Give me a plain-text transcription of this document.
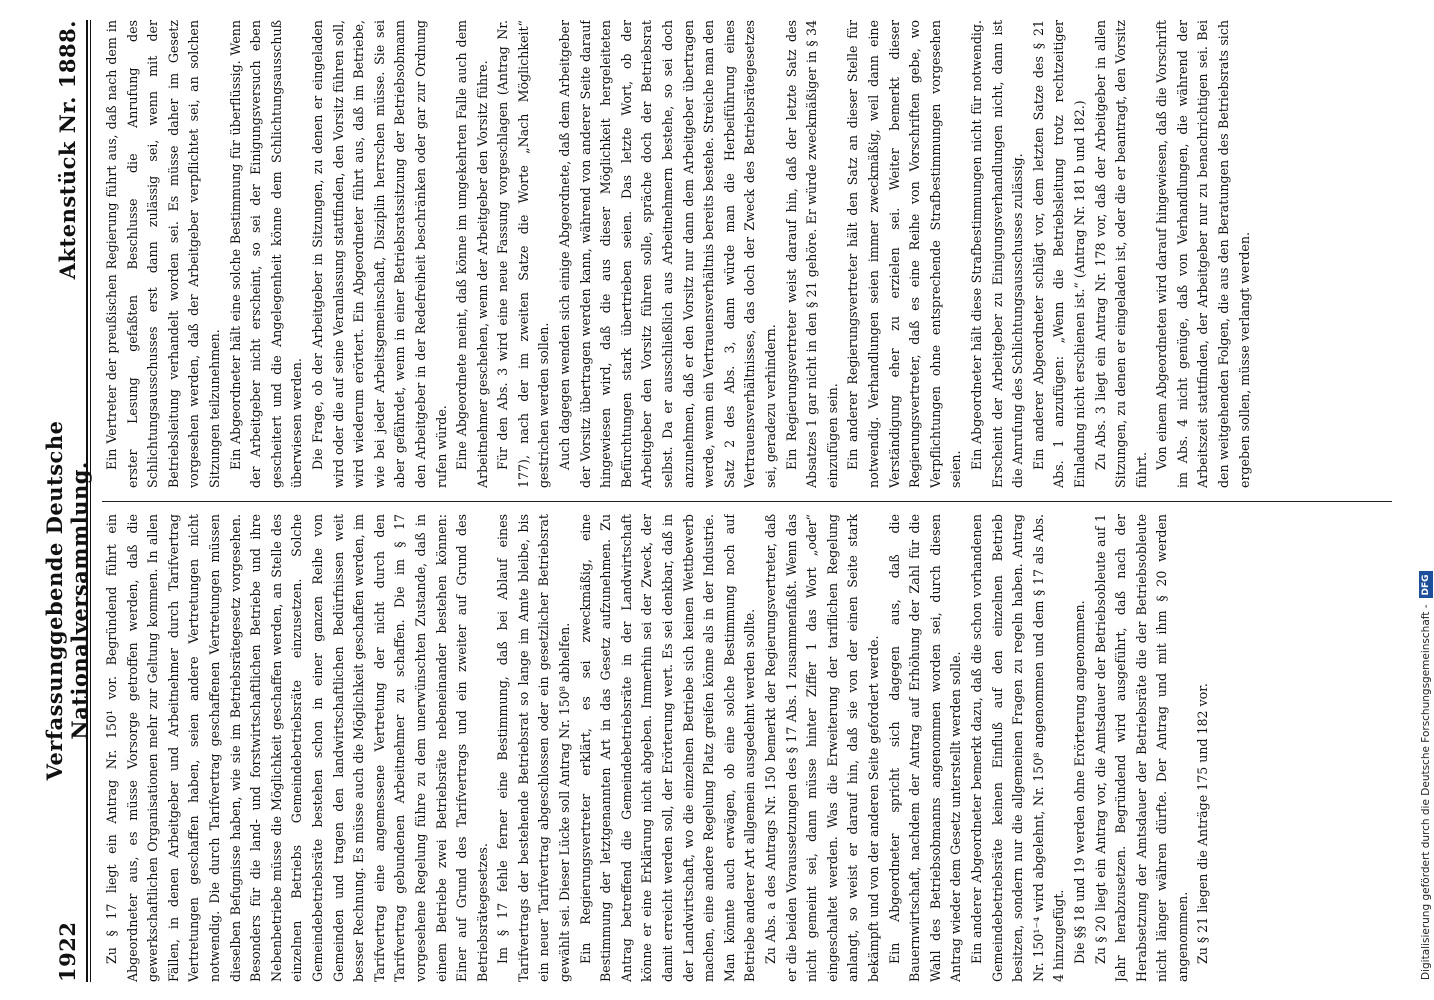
1922
Verfassunggebende Deutsche Nationalversammlung.
Aktenstück Nr. 1888.

Zu § 17 liegt ein Antrag Nr. 150¹ vor. Begründend führt ein Abgeordneter aus, es müsse Vorsorge getroffen werden, daß die gewerkschaftlichen Organisationen mehr zur Geltung kommen. In allen Fällen, in denen Arbeitgeber und Arbeitnehmer durch Tarifvertrag Vertretungen geschaffen haben, seien andere Vertretungen nicht notwendig. Die durch Tarifvertrag geschaffenen Vertretungen müssen dieselben Befugnisse haben, wie sie im Betriebsrätegesetz vorgesehen. Besonders für die land- und forstwirtschaftlichen Betriebe und ihre Nebenbetriebe müsse die Möglichkeit geschaffen werden, an Stelle des einzelnen Betriebs Gemeindebetriebsräte einzusetzen. Solche Gemeindebetriebsräte bestehen schon in einer ganzen Reihe von Gemeinden und tragen den landwirtschaftlichen Bedürfnissen weit besser Rechnung. Es müsse auch die Möglichkeit geschaffen werden, im Tarifvertrag eine angemessene Vertretung der nicht durch den Tarifvertrag gebundenen Arbeitnehmer zu schaffen. Die im § 17 vorgesehene Regelung führe zu dem unerwünschten Zustande, daß in einem Betriebe zwei Betriebsräte nebeneinander bestehen können: Einer auf Grund des Tarifvertrags und ein zweiter auf Grund des Betriebsrätegesetzes. Im § 17 fehle ferner eine Bestimmung, daß bei Ablauf eines Tarifvertrags der bestehende Betriebsrat so lange im Amte bleibe, bis ein neuer Tarifvertrag abgeschlossen oder ein gesetzlicher Betriebsrat gewählt sei. Dieser Lücke soll Antrag Nr. 150⁸ abhelfen. Ein Regierungsvertreter erklärt, es sei zweckmäßig, eine Bestimmung der letztgenannten Art in das Gesetz aufzunehmen. Zu Antrag betreffend die Gemeindebetriebsräte in der Landwirtschaft könne er eine Erklärung nicht abgeben. Immerhin sei der Zweck, der damit erreicht werden soll, der Erörterung wert. Es sei denkbar, daß in der Landwirtschaft, wo die einzelnen Betriebe sich keinen Wettbewerb machen, eine andere Regelung Platz greifen könne als in der Industrie. Man könnte auch erwägen, ob eine solche Bestimmung noch auf Betriebe anderer Art allgemein ausgedehnt werden sollte. Zu Abs. a des Antrags Nr. 150 bemerkt der Regierungsvertreter, daß er die beiden Voraussetzungen des § 17 Abs. 1 zusammenfaßt. Wenn das nicht gemeint sei, dann müsse hinter Ziffer 1 das Wort „oder“ eingeschaltet werden. Was die Erweiterung der tariflichen Regelung anlangt, so weist er darauf hin, daß sie von der einen Seite stark bekämpft und von der anderen Seite gefordert werde. Ein Abgeordneter spricht sich dagegen aus, daß die Bauernwirtschaft, nachdem der Antrag auf Erhöhung der Zahl für die Wahl des Betriebsobmanns angenommen worden sei, durch diesen Antrag wieder dem Gesetz unterstellt werden solle. Ein anderer Abgeordneter bemerkt dazu, daß die schon vorhandenen Gemeindebetriebsräte keinen Einfluß auf den einzelnen Betrieb besitzen, sondern nur die allgemeinen Fragen zu regeln haben. Antrag Nr. 150¹⁻⁴ wird abgelehnt, Nr. 150⁸ angenommen und dem § 17 als Abs. 4 hinzugefügt. Die §§ 18 und 19 werden ohne Erörterung angenommen. Zu § 20 liegt ein Antrag vor, die Amtsdauer der Betriebsobleute auf 1 Jahr herabzusetzen. Begründend wird ausgeführt, daß nach der Herabsetzung der Amtsdauer der Betriebsräte die der Betriebsobleute nicht länger währen dürfte. Der Antrag und mit ihm § 20 werden angenommen. Zu § 21 liegen die Anträge 175 und 182 vor.

Ein Vertreter der preußischen Regierung führt aus, daß nach dem in erster Lesung gefaßten Beschlusse die Anrufung des Schlichtungsausschusses erst dann zulässig sei, wenn mit der Betriebsleitung verhandelt worden sei. Es müsse daher im Gesetz vorgesehen werden, daß der Arbeitgeber verpflichtet sei, an solchen Sitzungen teilzunehmen. Ein Abgeordneter hält eine solche Bestimmung für überflüssig. Wenn der Arbeitgeber nicht erscheint, so sei der Einigungsversuch eben gescheitert und die Angelegenheit könne dem Schlichtungsausschuß überwiesen werden. Die Frage, ob der Arbeitgeber in Sitzungen, zu denen er eingeladen wird oder die auf seine Veranlassung stattfinden, den Vorsitz führen soll, wird wiederum erörtert. Ein Abgeordneter führt aus, daß im Betriebe, wie bei jeder Arbeitsgemeinschaft, Disziplin herrschen müsse. Sie sei aber gefährdet, wenn in einer Betriebsratssitzung der Betriebsobmann den Arbeitgeber in der Redefreiheit beschränken oder gar zur Ordnung rufen würde. Eine Abgeordnete meint, daß könne im umgekehrten Falle auch dem Arbeitnehmer geschehen, wenn der Arbeitgeber den Vorsitz führe. Für den Abs. 3 wird eine neue Fassung vorgeschlagen (Antrag Nr. 177), nach der im zweiten Satze die Worte „Nach Möglichkeit“ gestrichen werden sollen. Auch dagegen wenden sich einige Abgeordnete, daß dem Arbeitgeber der Vorsitz übertragen werden kann, während von anderer Seite darauf hingewiesen wird, daß die aus dieser Möglichkeit hergeleiteten Befürchtungen stark übertrieben seien. Das letzte Wort, ob der Arbeitgeber den Vorsitz führen solle, spräche doch der Betriebsrat selbst. Da er ausschließlich aus Arbeitnehmern bestehe, so sei doch anzunehmen, daß er den Vorsitz nur dann dem Arbeitgeber übertragen werde, wenn ein Vertrauensverhältnis bereits bestehe. Streiche man den Satz 2 des Abs. 3, dann würde man die Herbeiführung eines Vertrauensverhältnisses, das doch der Zweck des Betriebsrätegesetzes sei, geradezu verhindern. Ein Regierungsvertreter weist darauf hin, daß der letzte Satz des Absatzes 1 gar nicht in den § 21 gehöre. Er würde zweckmäßiger in § 34 einzufügen sein. Ein anderer Regierungsvertreter hält den Satz an dieser Stelle für notwendig. Verhandlungen seien immer zweckmäßig, weil dann eine Verständigung eher zu erzielen sei. Weiter bemerkt dieser Regierungsvertreter, daß es eine Reihe von Vorschriften gebe, wo Verpflichtungen ohne entsprechende Strafbestimmungen vorgesehen seien. Ein Abgeordneter hält diese Strafbestimmungen nicht für notwendig. Erscheint der Arbeitgeber zu Einigungsverhandlungen nicht, dann ist die Anrufung des Schlichtungsausschusses zulässig. Ein anderer Abgeordneter schlägt vor, dem letzten Satze des § 21 Abs. 1 anzufügen: „Wenn die Betriebsleitung trotz rechtzeitiger Einladung nicht erschienen ist.“ (Antrag Nr. 181 b und 182.) Zu Abs. 3 liegt ein Antrag Nr. 178 vor, daß der Arbeitgeber in allen Sitzungen, zu denen er eingeladen ist, oder die er beantragt, den Vorsitz führt.

Von einem Abgeordneten wird darauf hingewiesen, daß die Vorschrift im Abs. 4 nicht genüge, daß von Verhandlungen, die während der Arbeitszeit stattfinden, der Arbeitgeber nur zu benachrichtigen sei. Bei den weitgehenden Folgen, die aus den Beratungen des Betriebsrats sich ergeben sollen, müsse verlangt werden.

Digitalisierung gefördert durch die Deutsche Forschungsgemeinschaft -DFG
